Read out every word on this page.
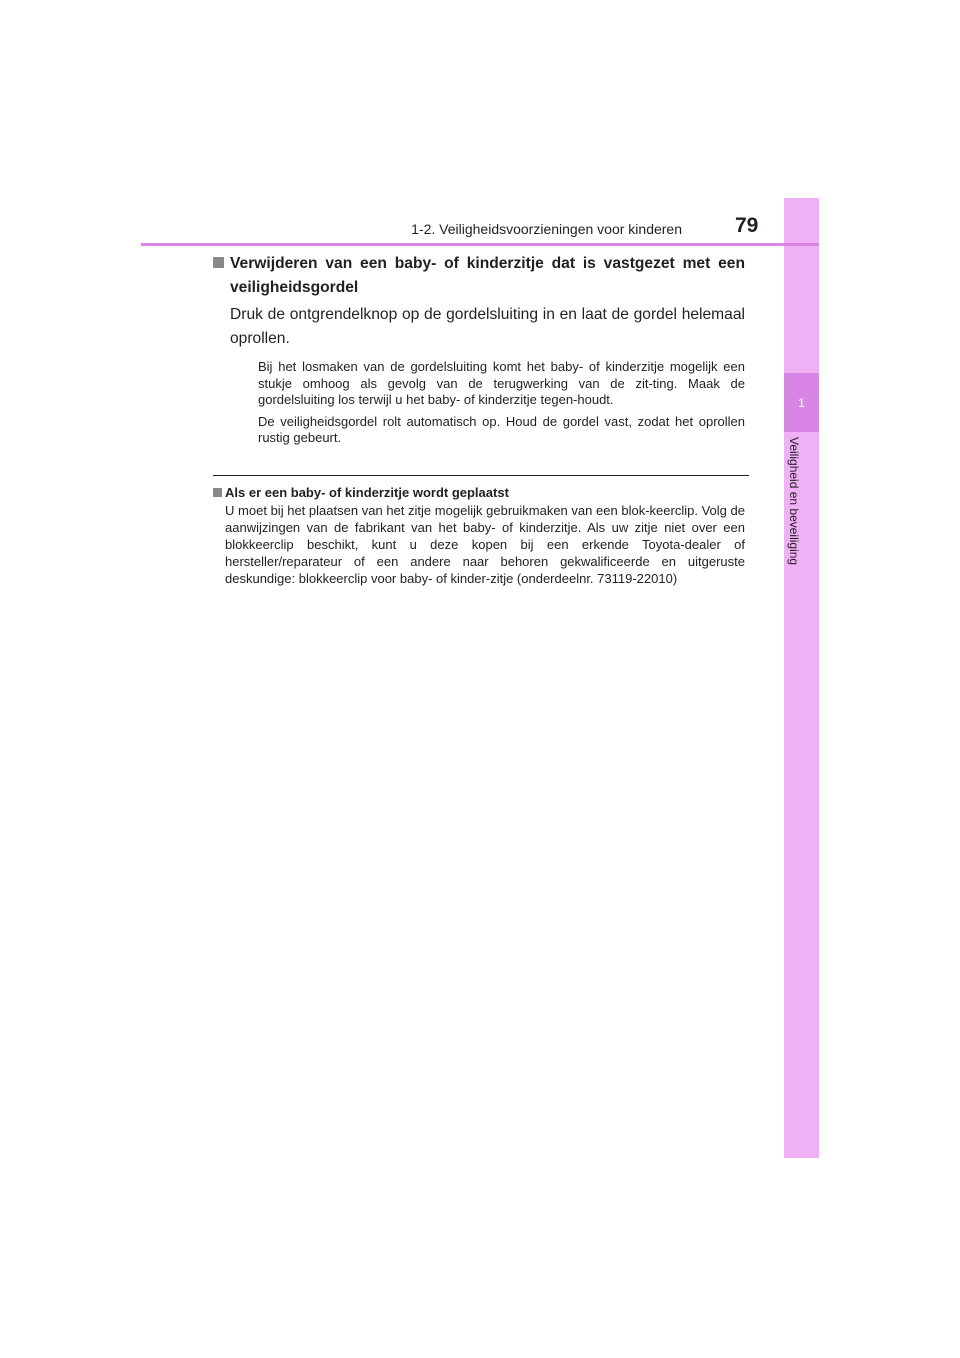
1
Veiligheid en beveiliging
1-2. Veiligheidsvoorzieningen voor kinderen	79

Verwijderen van een baby- of kinderzitje dat is vastgezet met een veiligheidsgordel

Druk de ontgrendelknop op de gordelsluiting in en laat de gordel helemaal oprollen.

Bij het losmaken van de gordelsluiting komt het baby- of kinderzitje mogelijk een stukje omhoog als gevolg van de terugwerking van de zit-ting. Maak de gordelsluiting los terwijl u het baby- of kinderzitje tegen-houdt.

De veiligheidsgordel rolt automatisch op. Houd de gordel vast, zodat het oprollen rustig gebeurt.

Als er een baby- of kinderzitje wordt geplaatst

U moet bij het plaatsen van het zitje mogelijk gebruikmaken van een blok-keerclip. Volg de aanwijzingen van de fabrikant van het baby- of kinderzitje. Als uw zitje niet over een blokkeerclip beschikt, kunt u deze kopen bij een erkende Toyota-dealer of hersteller/reparateur of een andere naar behoren gekwalificeerde en uitgeruste deskundige: blokkeerclip voor baby- of kinder-zitje (onderdeelnr. 73119-22010)
